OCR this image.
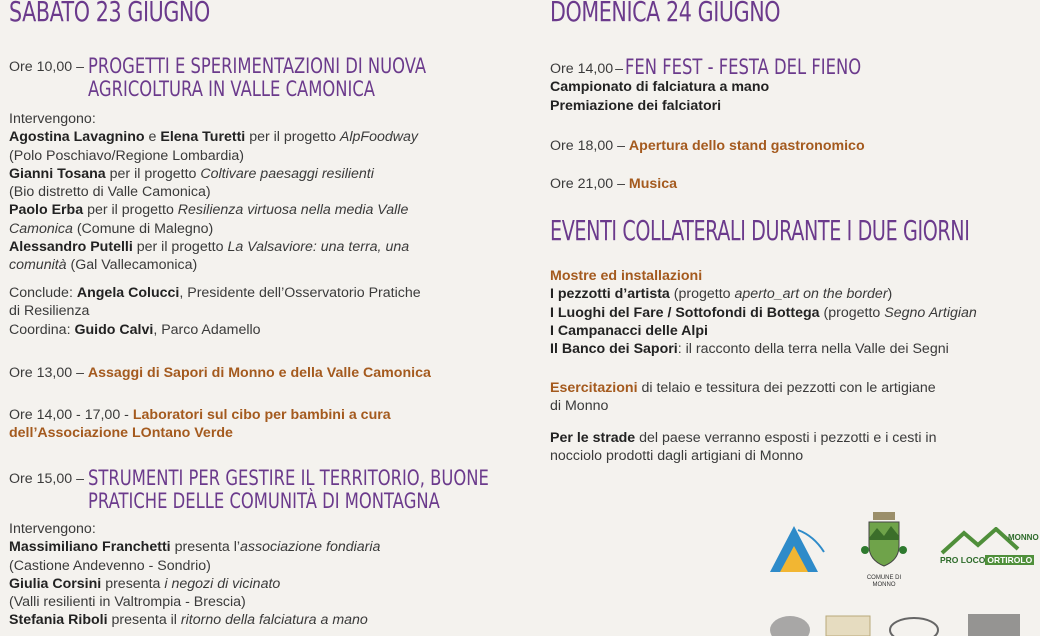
SABATO 23 GIUGNO
Ore 10,00 – PROGETTI E SPERIMENTAZIONI DI NUOVA
AGRICOLTURA IN VALLE CAMONICA
Intervengono:
Agostina Lavagnino e Elena Turetti per il progetto AlpFoodway
(Polo Poschiavo/Regione Lombardia)
Gianni Tosana per il progetto Coltivare paesaggi resilienti
(Bio distretto di Valle Camonica)
Paolo Erba per il progetto Resilienza virtuosa nella media Valle
Camonica (Comune di Malegno)
Alessandro Putelli per il progetto La Valsaviore: una terra, una
comunità (Gal Vallecamonica)
Conclude: Angela Colucci, Presidente dell’Osservatorio Pratiche
di Resilienza
Coordina: Guido Calvi, Parco Adamello
Ore 13,00 – Assaggi di Sapori di Monno e della Valle Camonica
Ore 14,00 - 17,00 - Laboratori sul cibo per bambini a cura
dell’Associazione LOntano Verde
Ore 15,00 – STRUMENTI PER GESTIRE IL TERRITORIO, BUONE
PRATICHE DELLE COMUNITÀ DI MONTAGNA
Intervengono:
Massimiliano Franchetti presenta l’associazione fondiaria
(Castione Andevenno - Sondrio)
Giulia Corsini presenta i negozi di vicinato
(Valli resilienti in Valtrompia - Brescia)
Stefania Riboli presenta il ritorno della falciatura a mano
DOMENICA 24 GIUGNO
Ore 14,00 – FEN FEST - FESTA DEL FIENO
Campionato di falciatura a mano
Premiazione dei falciatori
Ore 18,00 – Apertura dello stand gastronomico
Ore 21,00 – Musica
EVENTI COLLATERALI DURANTE I DUE GIORNI
Mostre ed installazioni
I pezzotti d’artista (progetto aperto_art on the border)
I Luoghi del Fare / Sottofondi di Bottega (progetto Segno Artigian
I Campanacci delle Alpi
Il Banco dei Sapori: il racconto della terra nella Valle dei Segni
Esercitazioni di telaio e tessitura dei pezzotti con le artigiane
di Monno
Per le strade del paese verranno esposti i pezzotti e i cesti in
nocciolo prodotti dagli artigiani di Monno
COMUNE DI MONNO
MONNO
PRO LOCO ORTIROLO
